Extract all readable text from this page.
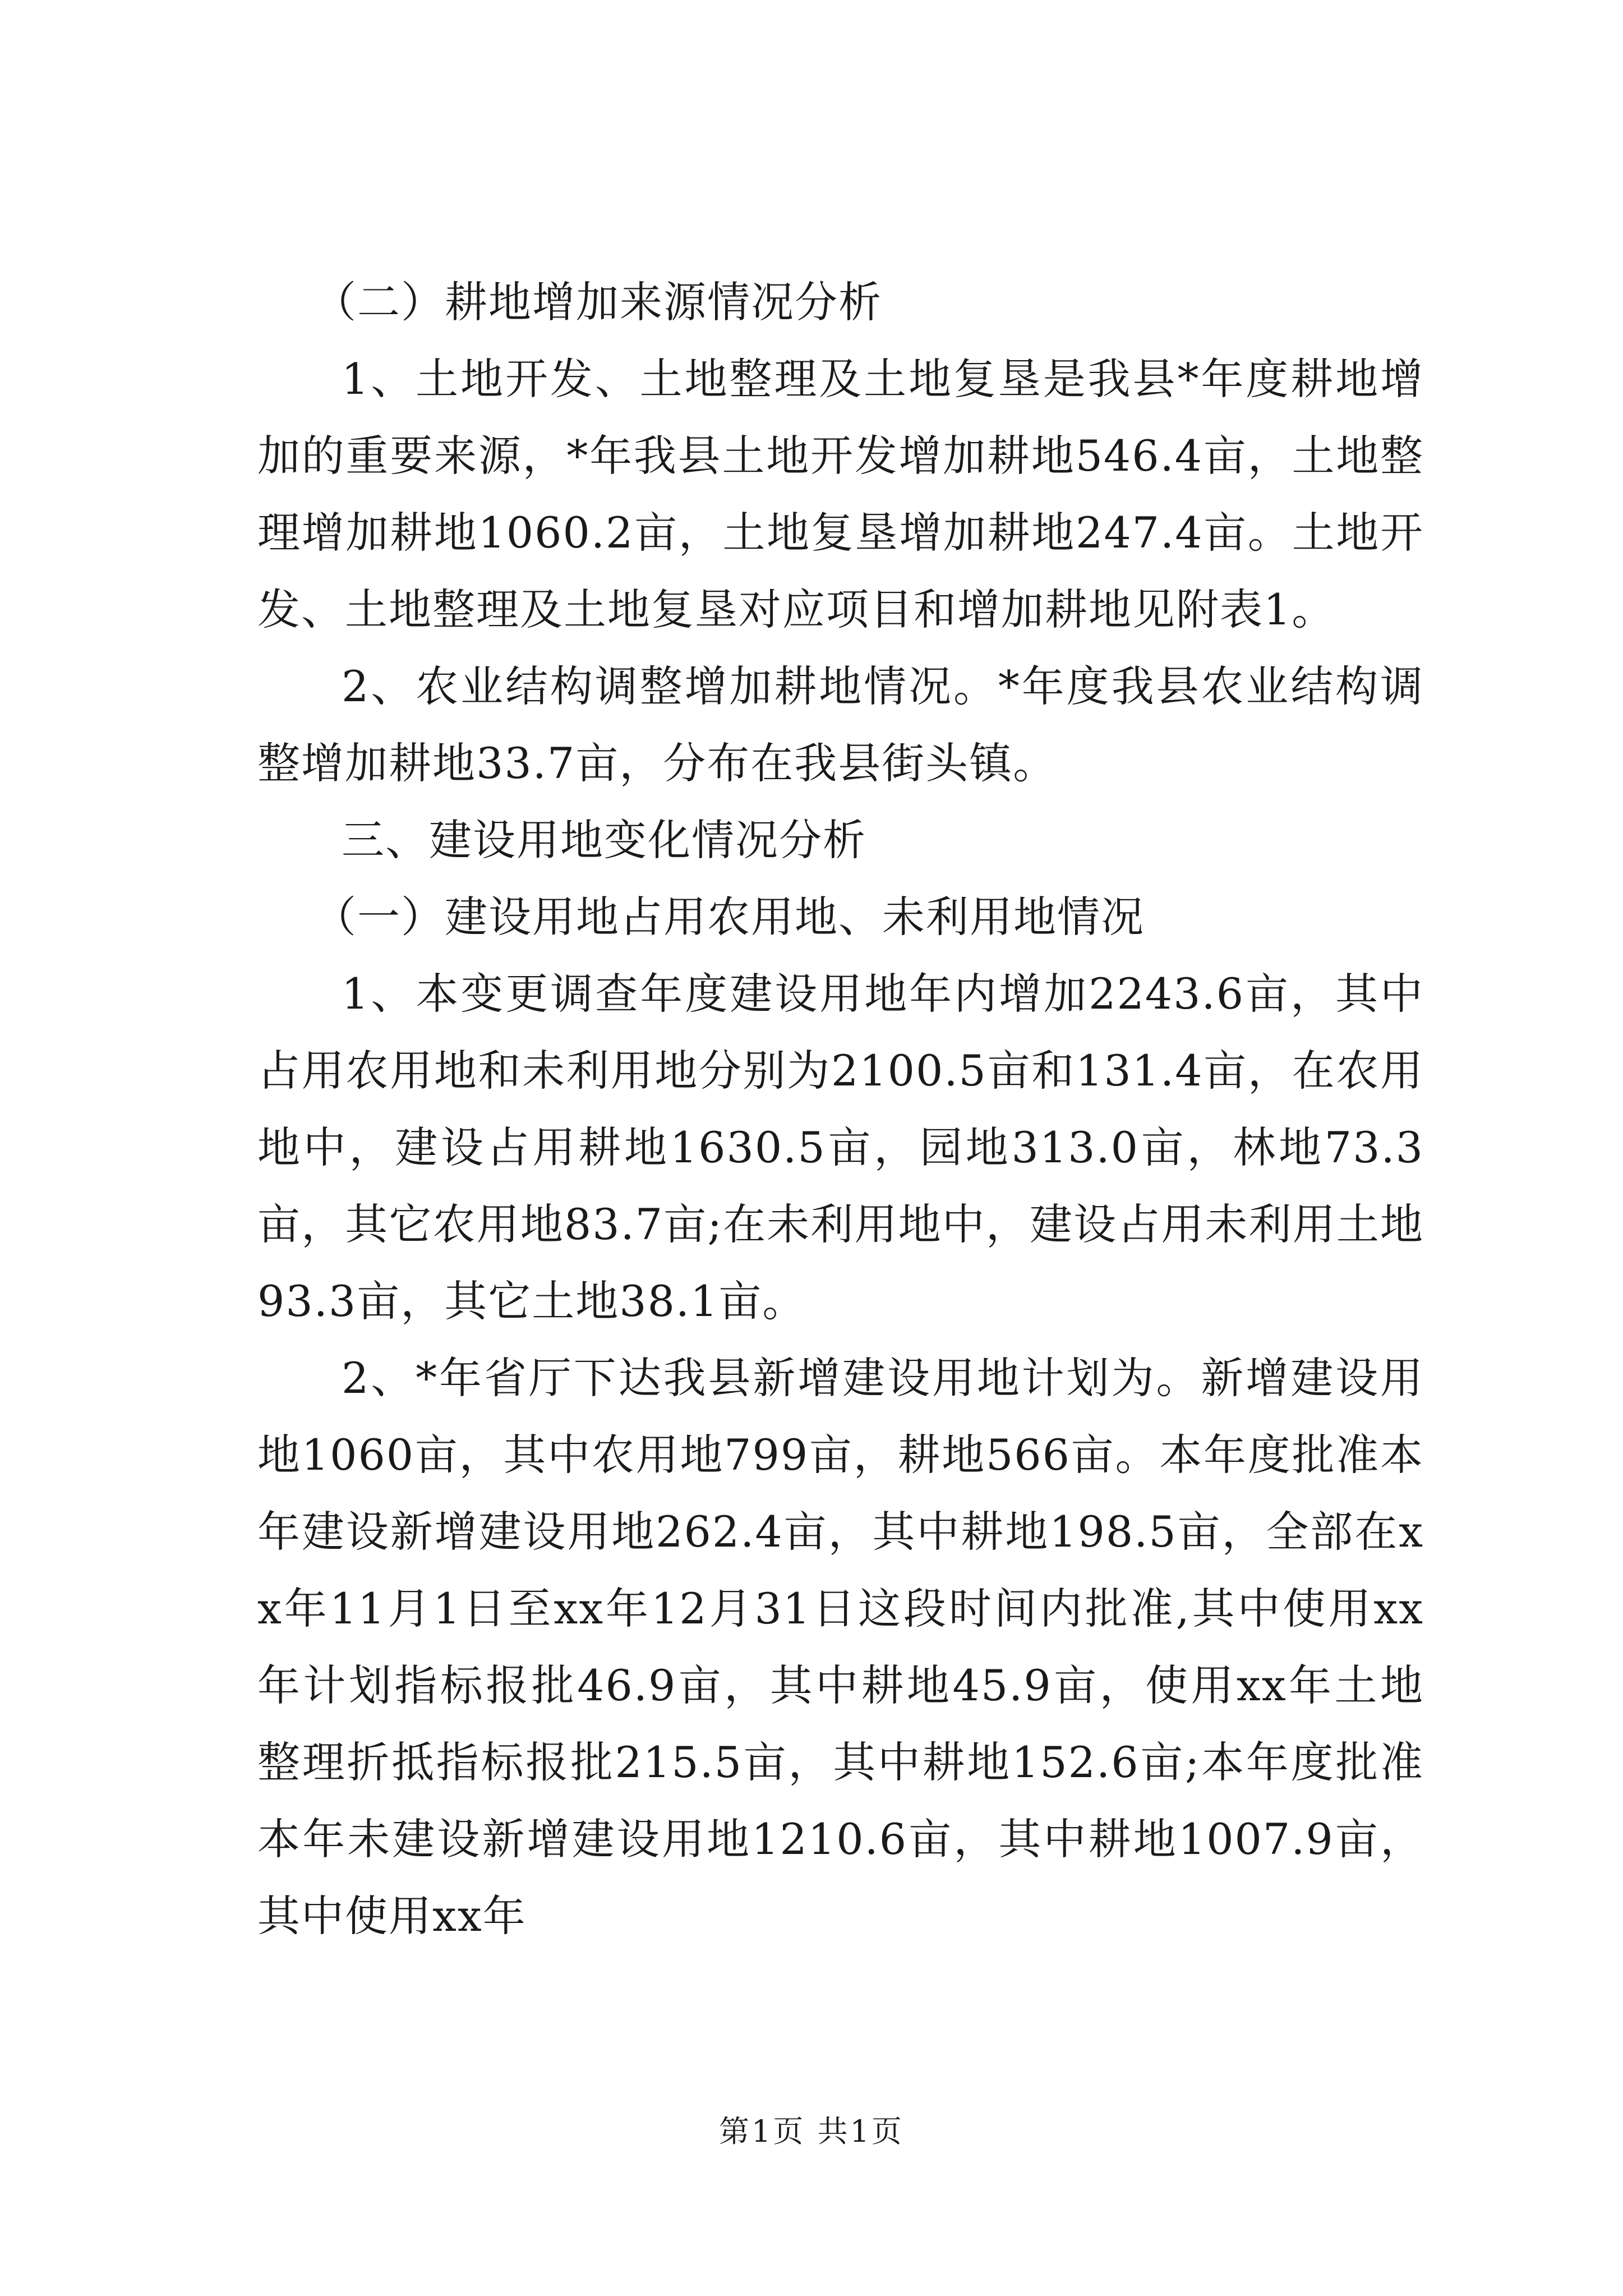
（二）耕地增加来源情况分析

1、土地开发、土地整理及土地复垦是我县*年度耕地增加的重要来源，*年我县土地开发增加耕地546.4亩，土地整理增加耕地1060.2亩，土地复垦增加耕地247.4亩。土地开发、土地整理及土地复垦对应项目和增加耕地见附表1。

2、农业结构调整增加耕地情况。*年度我县农业结构调整增加耕地33.7亩，分布在我县街头镇。

三、建设用地变化情况分析

（一）建设用地占用农用地、未利用地情况

1、本变更调查年度建设用地年内增加2243.6亩，其中占用农用地和未利用地分别为2100.5亩和131.4亩，在农用地中，建设占用耕地1630.5亩，园地313.0亩，林地73.3亩，其它农用地83.7亩;在未利用地中，建设占用未利用土地93.3亩，其它土地38.1亩。

2、*年省厅下达我县新增建设用地计划为。新增建设用地1060亩，其中农用地799亩，耕地566亩。本年度批准本年建设新增建设用地262.4亩，其中耕地198.5亩，全部在xx年11月1日至xx年12月31日这段时间内批准,其中使用xx年计划指标报批46.9亩，其中耕地45.9亩，使用xx年土地整理折抵指标报批215.5亩，其中耕地152.6亩;本年度批准本年未建设新增建设用地1210.6亩，其中耕地1007.9亩，其中使用xx年

第1页 共1页
